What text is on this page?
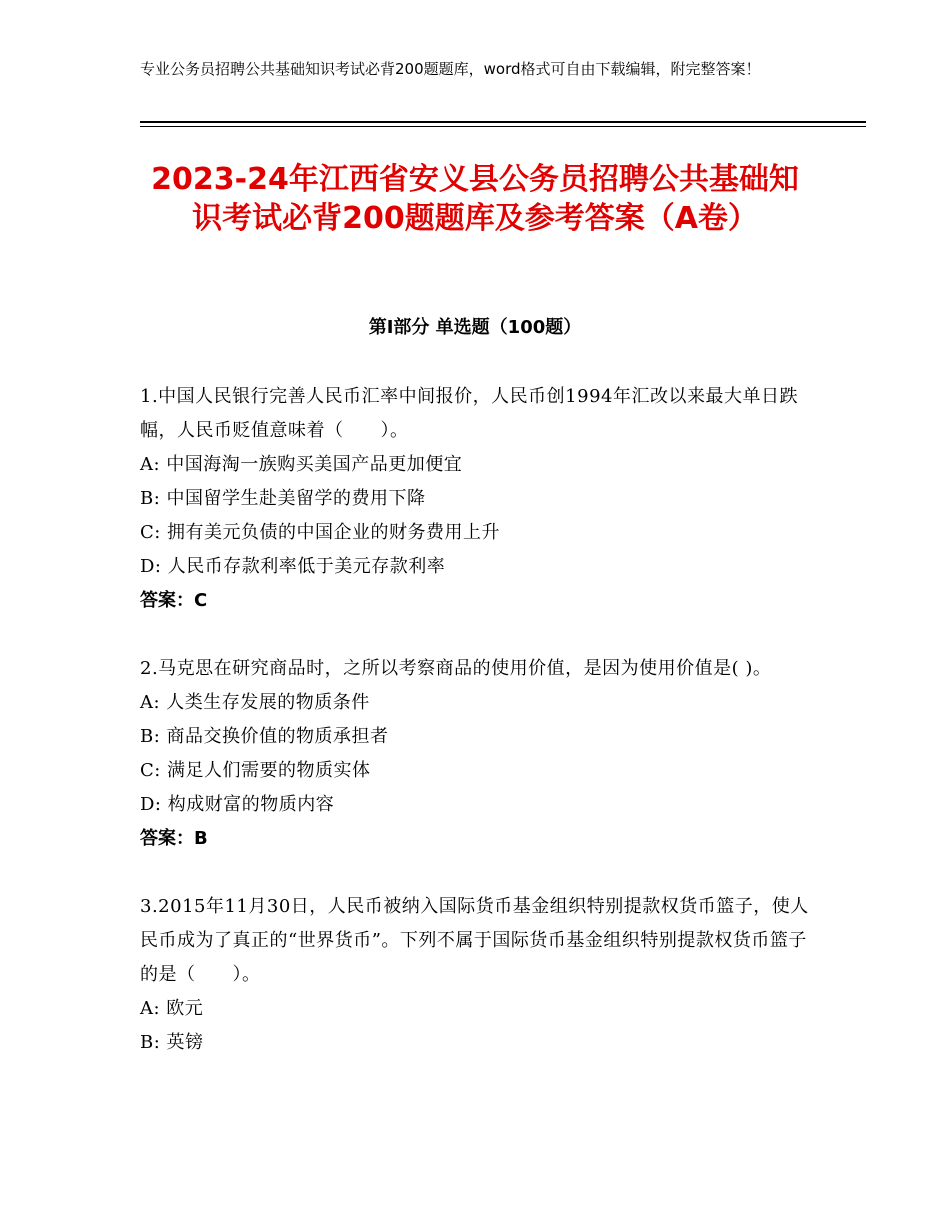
专业公务员招聘公共基础知识考试必背200题题库，word格式可自由下载编辑，附完整答案！
2023-24年江西省安义县公务员招聘公共基础知识考试必背200题题库及参考答案（A卷）
第Ⅰ部分 单选题（100题）
1.中国人民银行完善人民币汇率中间报价，人民币创1994年汇改以来最大单日跌幅，人民币贬值意味着（　　）。
A: 中国海淘一族购买美国产品更加便宜
B: 中国留学生赴美留学的费用下降
C: 拥有美元负债的中国企业的财务费用上升
D: 人民币存款利率低于美元存款利率
答案：C
2.马克思在研究商品时，之所以考察商品的使用价值，是因为使用价值是( )。
A: 人类生存发展的物质条件
B: 商品交换价值的物质承担者
C: 满足人们需要的物质实体
D: 构成财富的物质内容
答案：B
3.2015年11月30日，人民币被纳入国际货币基金组织特别提款权货币篮子，使人民币成为了真正的“世界货币”。下列不属于国际货币基金组织特别提款权货币篮子的是（　　）。
A: 欧元
B: 英镑
